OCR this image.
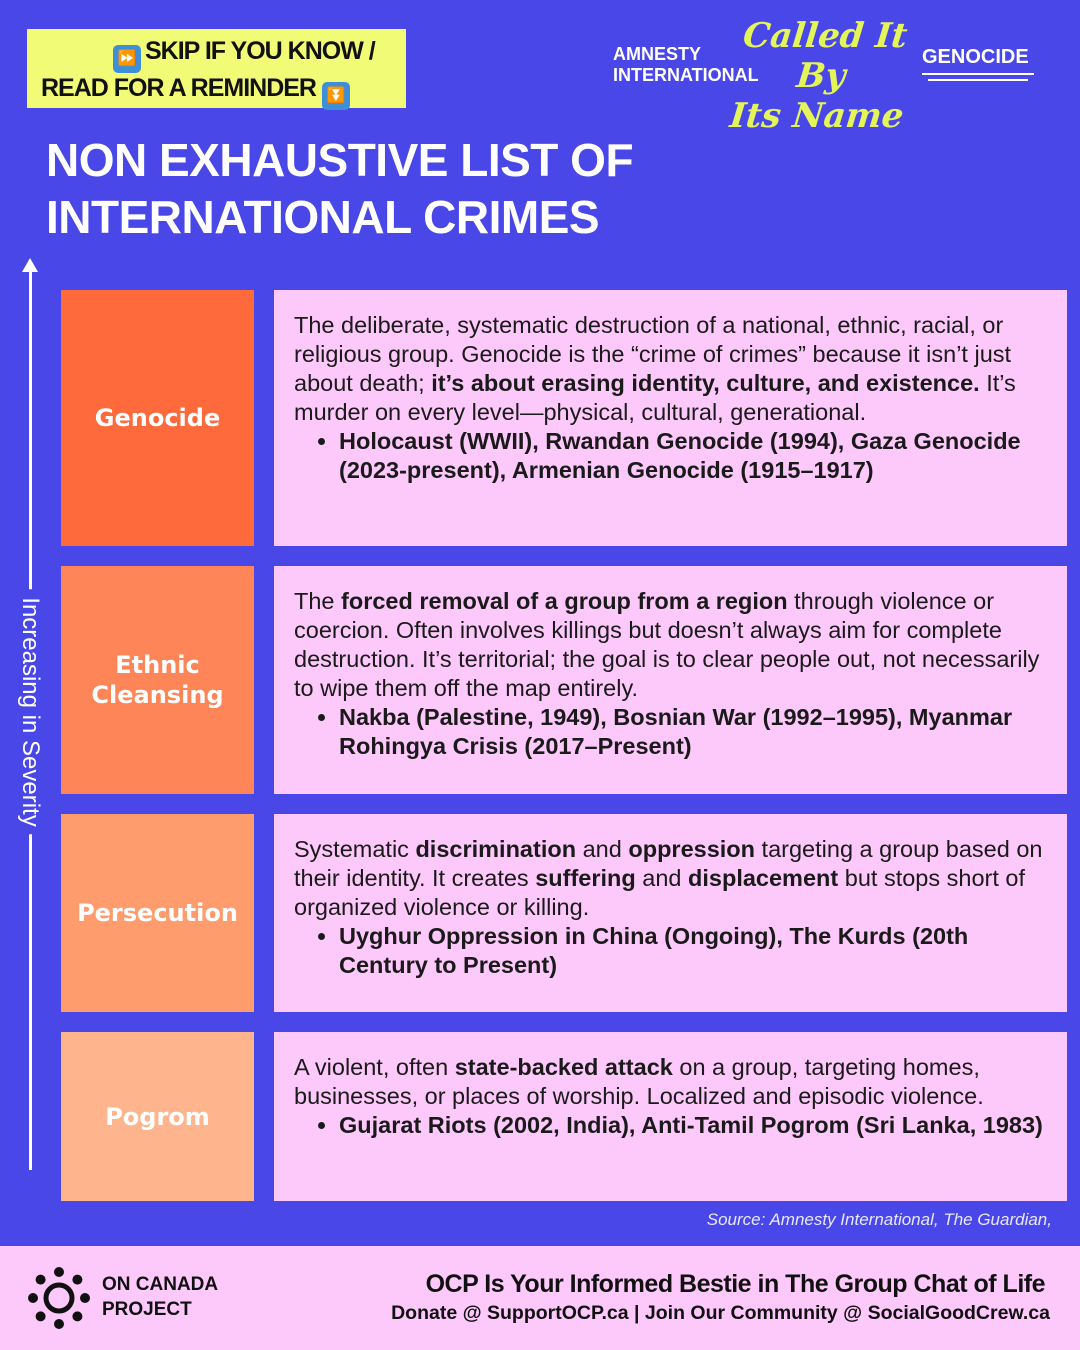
⏩ SKIP IF YOU KNOW /
READ FOR A REMINDER ⏬
AMNESTY
INTERNATIONAL
Called It By
Its Name
GENOCIDE
NON EXHAUSTIVE LIST OF
INTERNATIONAL CRIMES
Increasing in Severity
Genocide
The deliberate, systematic destruction of a national, ethnic, racial, or religious group. Genocide is the “crime of crimes” because it isn’t just about death; it’s about erasing identity, culture, and existence. It’s murder on every level—physical, cultural, generational.
• Holocaust (WWII), Rwandan Genocide (1994), Gaza Genocide (2023-present), Armenian Genocide (1915–1917)
Ethnic Cleansing
The forced removal of a group from a region through violence or coercion. Often involves killings but doesn’t always aim for complete destruction. It’s territorial; the goal is to clear people out, not necessarily to wipe them off the map entirely.
• Nakba (Palestine, 1949), Bosnian War (1992–1995), Myanmar Rohingya Crisis (2017–Present)
Persecution
Systematic discrimination and oppression targeting a group based on their identity. It creates suffering and displacement but stops short of organized violence or killing.
• Uyghur Oppression in China (Ongoing), The Kurds (20th Century to Present)
Pogrom
A violent, often state-backed attack on a group, targeting homes, businesses, or places of worship. Localized and episodic violence.
• Gujarat Riots (2002, India), Anti-Tamil Pogrom (Sri Lanka, 1983)
Source: Amnesty International, The Guardian,
ON CANADA
PROJECT
OCP Is Your Informed Bestie in The Group Chat of Life
Donate @ SupportOCP.ca | Join Our Community @ SocialGoodCrew.ca
